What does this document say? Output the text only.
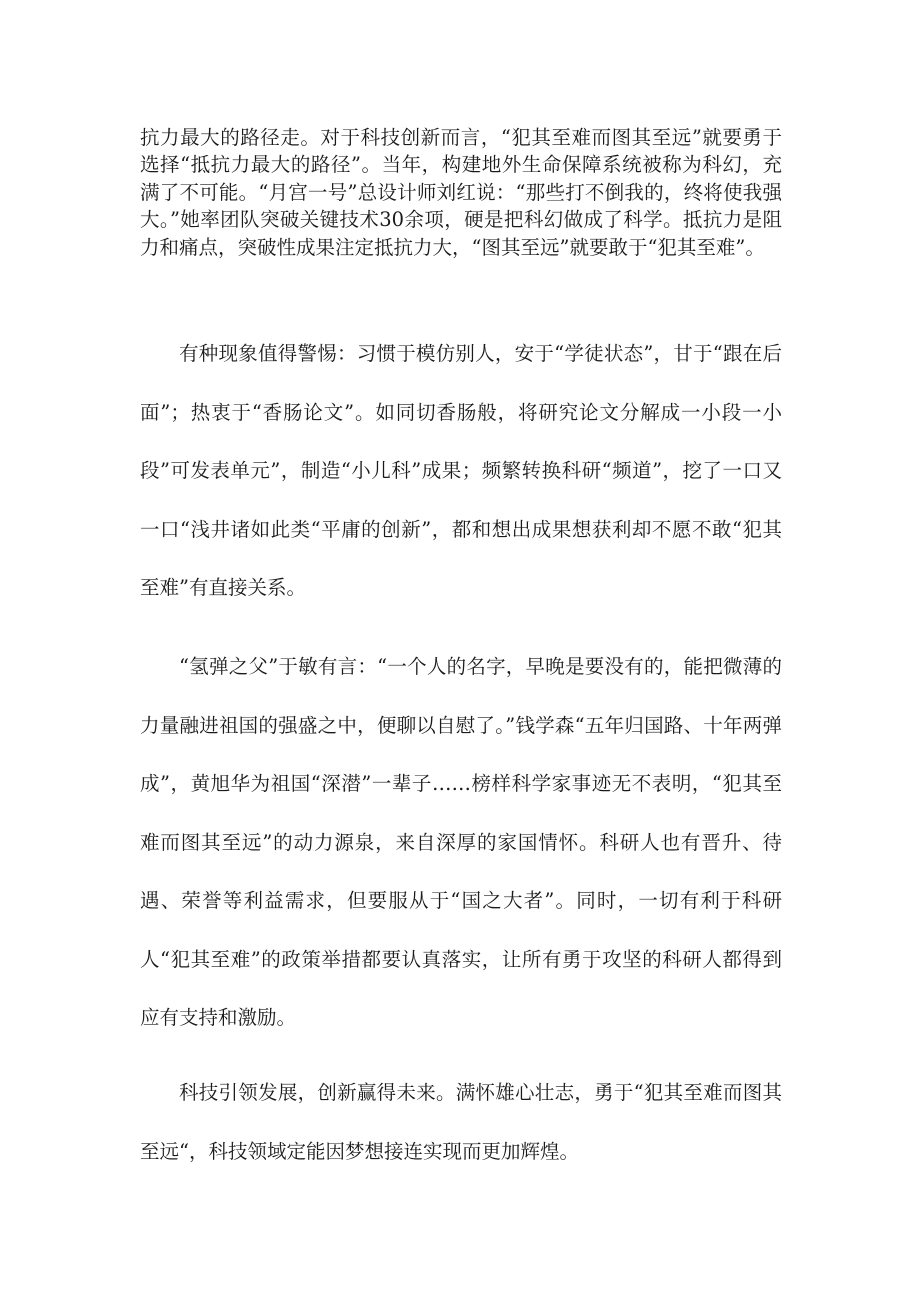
抗力最大的路径走。对于科技创新而言，“犯其至难而图其至远”就要勇于选择“抵抗力最大的路径”。当年，构建地外生命保障系统被称为科幻，充满了不可能。“月宫一号”总设计师刘红说：“那些打不倒我的，终将使我强大。”她率团队突破关键技术30余项，硬是把科幻做成了科学。抵抗力是阻力和痛点，突破性成果注定抵抗力大，“图其至远”就要敢于“犯其至难”。

有种现象值得警惕：习惯于模仿别人，安于“学徒状态”，甘于“跟在后面”；热衷于“香肠论文”。如同切香肠般，将研究论文分解成一小段一小段”可发表单元”，制造“小儿科”成果；频繁转换科研“频道”，挖了一口又一口“浅井诸如此类“平庸的创新”，都和想出成果想获利却不愿不敢“犯其至难”有直接关系。

“氢弹之父”于敏有言：“一个人的名字，早晚是要没有的，能把微薄的力量融进祖国的强盛之中，便聊以自慰了。”钱学森“五年归国路、十年两弹成”，黄旭华为祖国“深潜”一辈子……榜样科学家事迹无不表明，“犯其至难而图其至远”的动力源泉，来自深厚的家国情怀。科研人也有晋升、待遇、荣誉等利益需求，但要服从于“国之大者”。同时，一切有利于科研人“犯其至难”的政策举措都要认真落实，让所有勇于攻坚的科研人都得到应有支持和激励。

科技引领发展，创新赢得未来。满怀雄心壮志，勇于“犯其至难而图其至远“，科技领域定能因梦想接连实现而更加辉煌。
